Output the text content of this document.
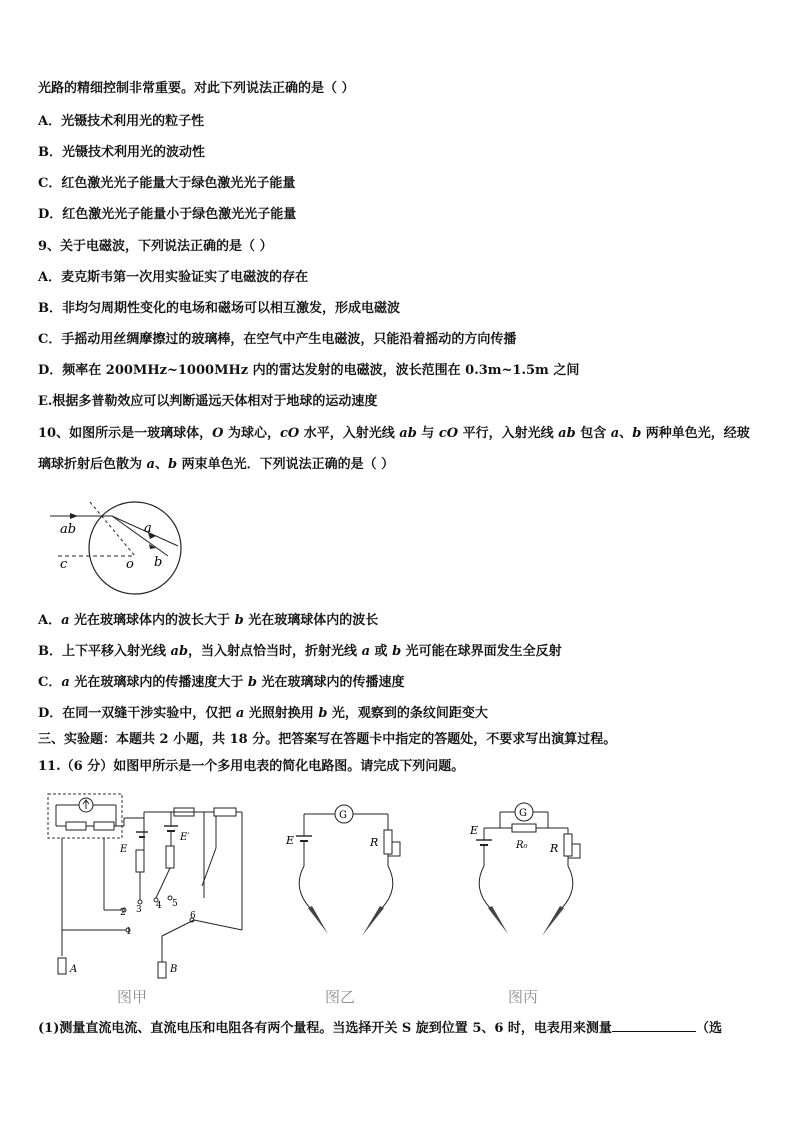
光路的精细控制非常重要。对此下列说法正确的是（ ）
A．光镊技术利用光的粒子性
B．光镊技术利用光的波动性
C．红色激光光子能量大于绿色激光光子能量
D．红色激光光子能量小于绿色激光光子能量
9、关于电磁波，下列说法正确的是（ ）
A．麦克斯韦第一次用实验证实了电磁波的存在
B．非均匀周期性变化的电场和磁场可以相互激发，形成电磁波
C．手摇动用丝绸摩擦过的玻璃棒，在空气中产生电磁波，只能沿着摇动的方向传播
D．频率在 200MHz~1000MHz 内的雷达发射的电磁波，波长范围在 0.3m~1.5m 之间
E.根据多普勒效应可以判断遥远天体相对于地球的运动速度
10、如图所示是一玻璃球体，O 为球心，cO 水平，入射光线 ab 与 cO 平行，入射光线 ab 包含 a、b 两种单色光，经玻
璃球折射后色散为 a、b 两束单色光．下列说法正确的是（ ）
ab	a
b
c	o
A．a 光在玻璃球体内的波长大于 b 光在玻璃球体内的波长
B．上下平移入射光线 ab，当入射点恰当时，折射光线 a 或 b 光可能在球界面发生全反射
C．a 光在玻璃球内的传播速度大于 b 光在玻璃球内的传播速度
D．在同一双缝干涉实验中，仅把 a 光照射换用 b 光，观察到的条纹间距变大
三、实验题：本题共 2 小题，共 18 分。把答案写在答题卡中指定的答题处，不要求写出演算过程。
11.（6 分）如图甲所示是一个多用电表的简化电路图。请完成下列问题。
E
E′
2
1
3 4 5
6
A	B
图甲
G
E	R
图乙
G
E
R
R₀
图丙
(1)测量直流电流、直流电压和电阻各有两个量程。当选择开关 S 旋到位置 5、6 时，电表用来测量	（选
